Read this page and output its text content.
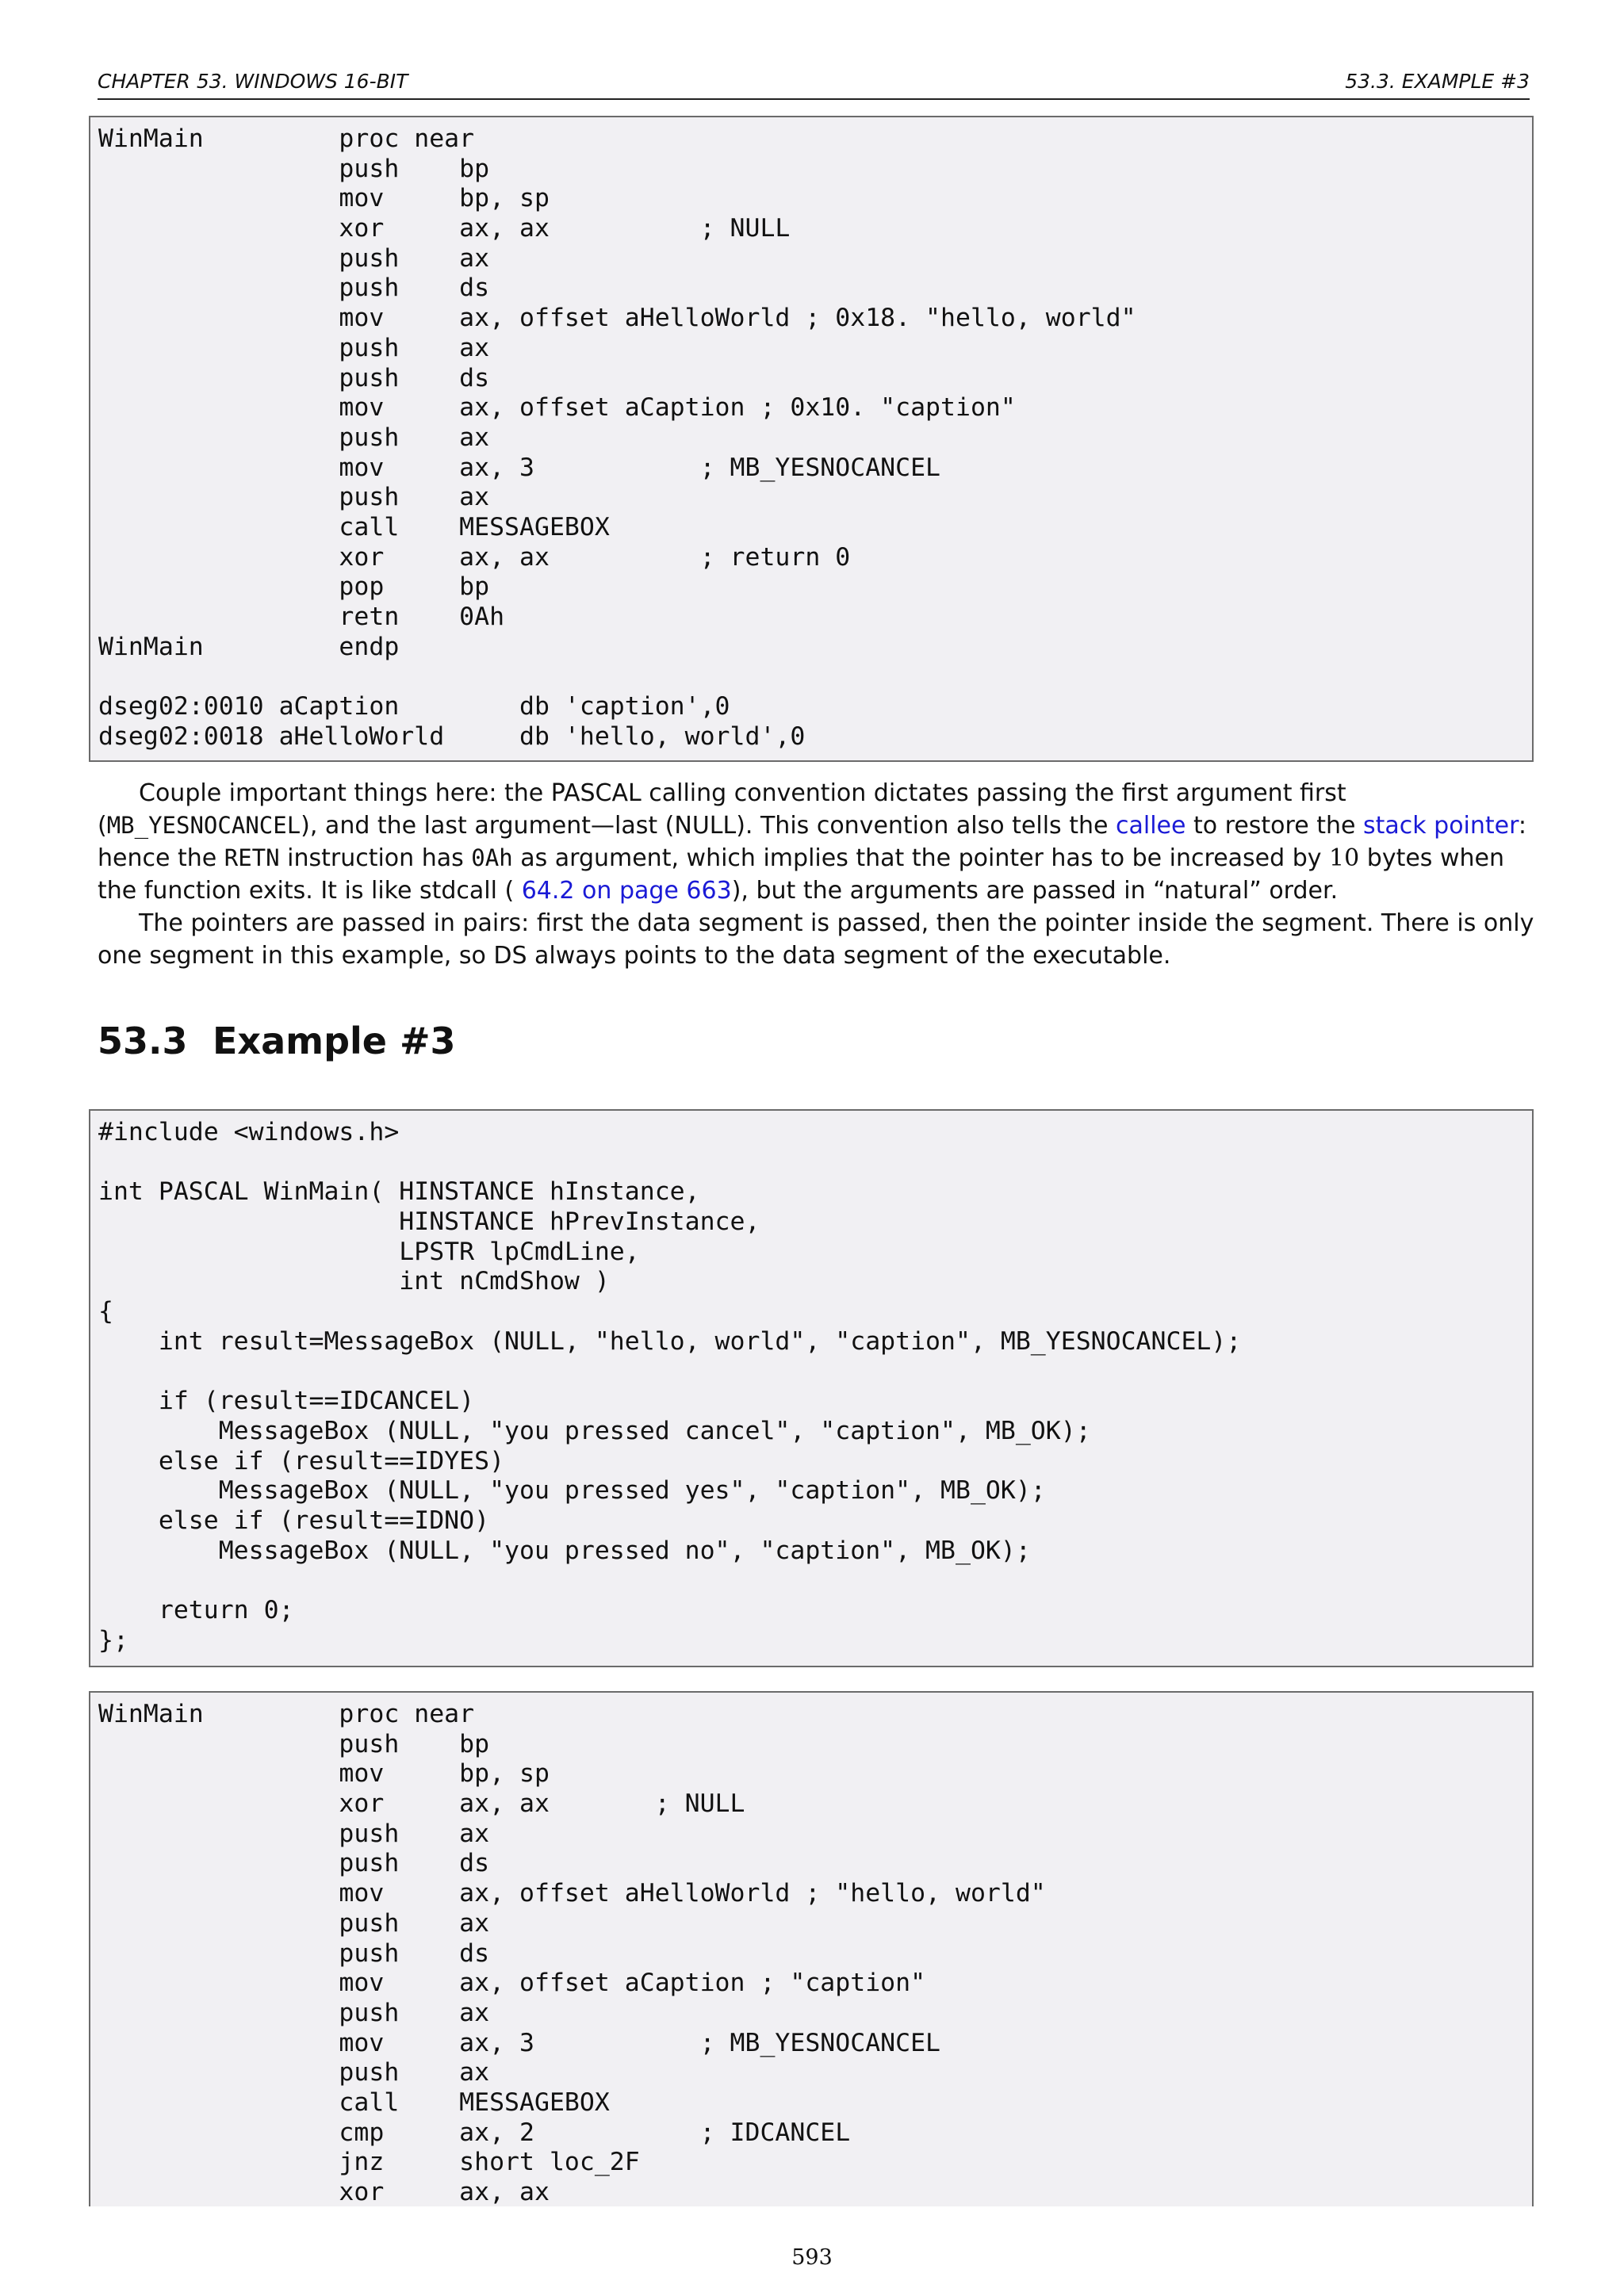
CHAPTER 53. WINDOWS 16-BIT	53.3. EXAMPLE #3
WinMain         proc near
push    bp
mov     bp, sp
xor     ax, ax          ; NULL
push    ax
push    ds
mov     ax, offset aHelloWorld ; 0x18. "hello, world"
push    ax
push    ds
mov     ax, offset aCaption ; 0x10. "caption"
push    ax
mov     ax, 3           ; MB_YESNOCANCEL
push    ax
call    MESSAGEBOX
xor     ax, ax          ; return 0
pop     bp
retn    0Ah
WinMain         endp
dseg02:0010 aCaption        db 'caption',0
dseg02:0018 aHelloWorld     db 'hello, world',0
Couple important things here: the PASCAL calling convention dictates passing the first argument first (MB_YESNOCANCEL), and the last argument—last (NULL). This convention also tells the callee to restore the stack pointer: hence the RETN instruction has 0Ah as argument, which implies that the pointer has to be increased by 10 bytes when the function exits. It is like stdcall ( 64.2 on page 663), but the arguments are passed in “natural” order.
The pointers are passed in pairs: first the data segment is passed, then the pointer inside the segment. There is only one segment in this example, so DS always points to the data segment of the executable.
53.3 Example #3
#include <windows.h>
int PASCAL WinMain( HINSTANCE hInstance,
HINSTANCE hPrevInstance,
LPSTR lpCmdLine,
int nCmdShow )
{
int result=MessageBox (NULL, "hello, world", "caption", MB_YESNOCANCEL);
if (result==IDCANCEL)
MessageBox (NULL, "you pressed cancel", "caption", MB_OK);
else if (result==IDYES)
MessageBox (NULL, "you pressed yes", "caption", MB_OK);
else if (result==IDNO)
MessageBox (NULL, "you pressed no", "caption", MB_OK);
return 0;
};
WinMain         proc near
push    bp
mov     bp, sp
xor     ax, ax       ; NULL
push    ax
push    ds
mov     ax, offset aHelloWorld ; "hello, world"
push    ax
push    ds
mov     ax, offset aCaption ; "caption"
push    ax
mov     ax, 3           ; MB_YESNOCANCEL
push    ax
call    MESSAGEBOX
cmp     ax, 2           ; IDCANCEL
jnz     short loc_2F
xor     ax, ax
593
